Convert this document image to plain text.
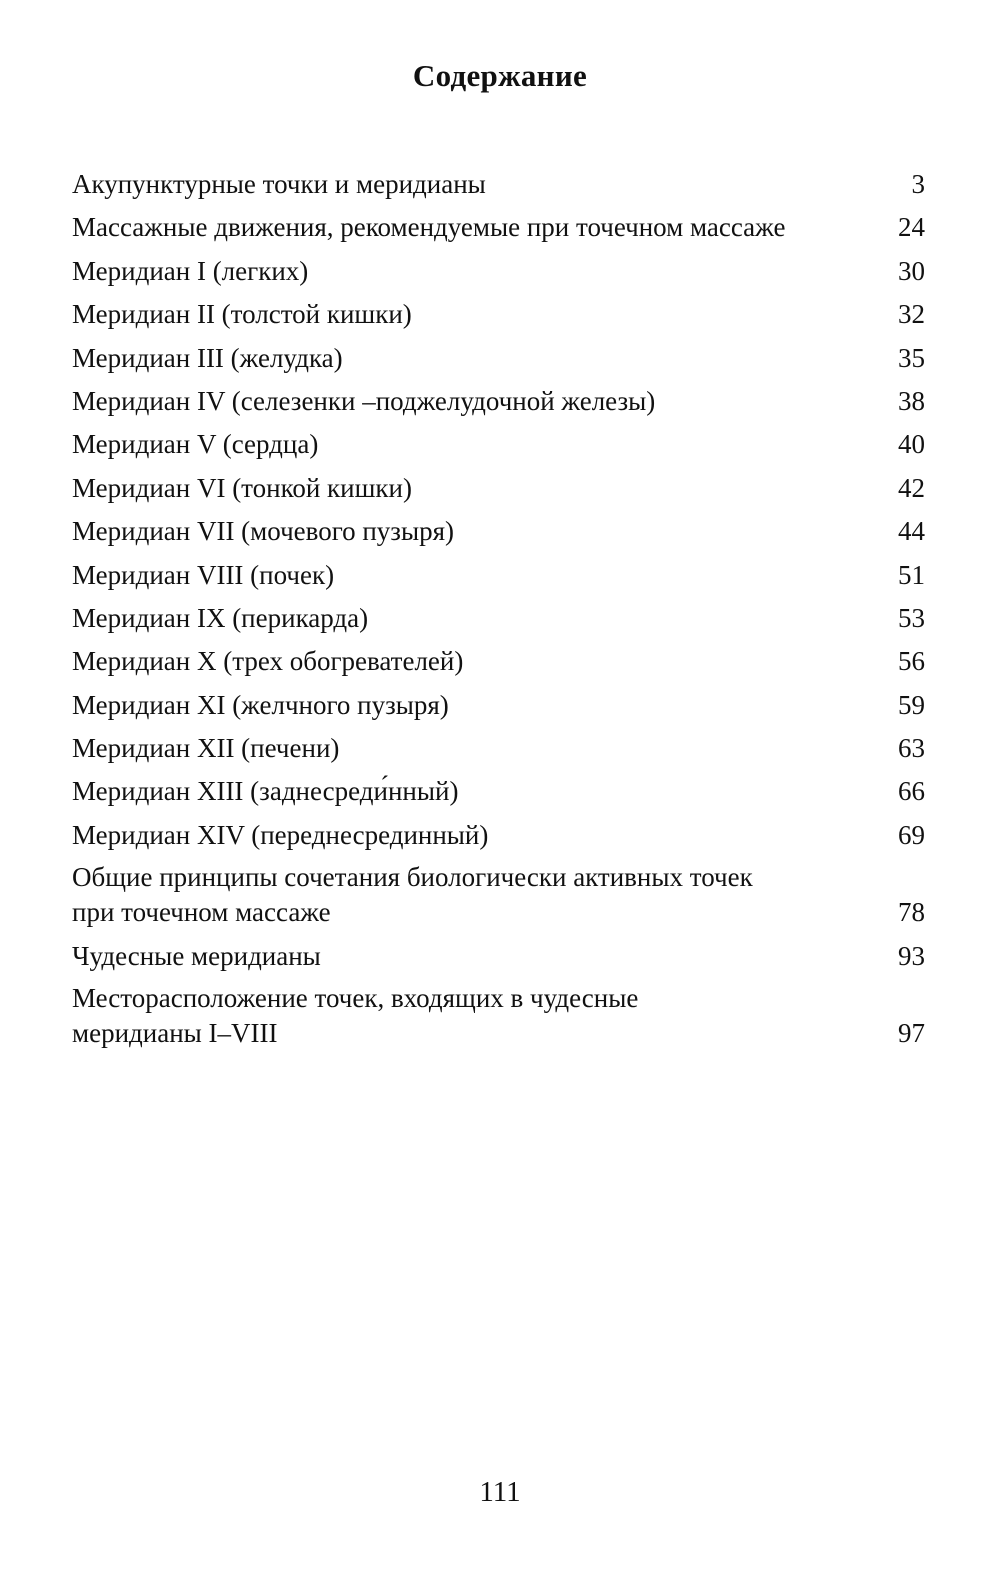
Содержание
Акупунктурные точки и меридианы	3
Массажные движения, рекомендуемые при точечном массаже	24
Меридиан I (легких)	30
Меридиан II (толстой кишки)	32
Меридиан III (желудка)	35
Меридиан IV (селезенки –поджелудочной железы)	38
Меридиан V (сердца)	40
Меридиан VI (тонкой кишки)	42
Меридиан VII (мочевого пузыря)	44
Меридиан VIII (почек)	51
Меридиан IX (перикарда)	53
Меридиан X (трех обогревателей)	56
Меридиан XI (желчного пузыря)	59
Меридиан XII (печени)	63
Меридиан XIII (заднесреди́нный)	66
Меридиан XIV (переднесрединный)	69
Общие принципы сочетания биологически активных точек
при точечном массаже	78
Чудесные меридианы	93
Месторасположение точек, входящих в чудесные
меридианы I–VIII	97
111
